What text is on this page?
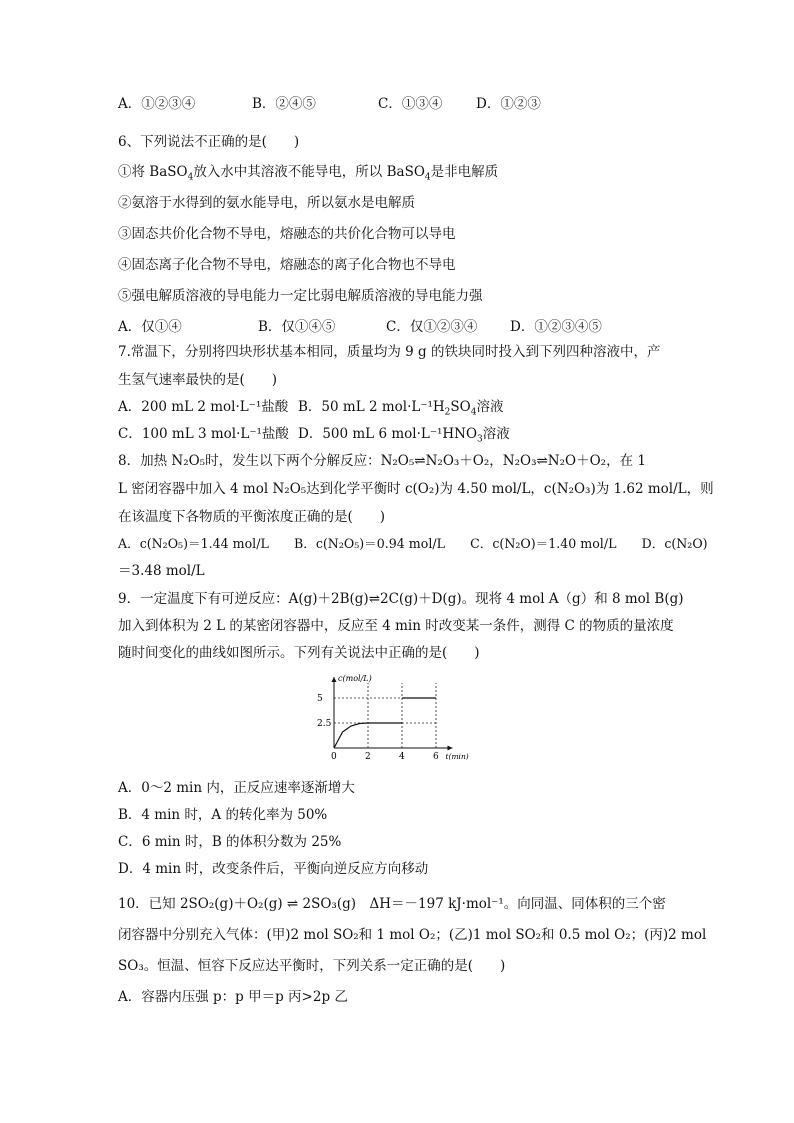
A．①②③④	B．②④⑤	C．①③④	D．①②③
6、下列说法不正确的是(　　)
①将 BaSO$_4$放入水中其溶液不能导电，所以 BaSO$_4$是非电解质
②氨溶于水得到的氨水能导电，所以氨水是电解质
③固态共价化合物不导电，熔融态的共价化合物可以导电
④固态离子化合物不导电，熔融态的离子化合物也不导电
⑤强电解质溶液的导电能力一定比弱电解质溶液的导电能力强
A．仅①④	B．仅①④⑤	C．仅①②③④	D．①②③④⑤
7.常温下，分别将四块形状基本相同，质量均为 9 g 的铁块同时投入到下列四种溶液中，产
生氢气速率最快的是(　　)
A．200 mL 2 mol·L⁻¹盐酸 B．50 mL 2 $mol\cdot L^{-1}H_2SO_4$溶液
C．100 mL 3 mol·L⁻¹盐酸 D．500 mL 6 $mol\cdot L^{-1}HNO_3$溶液
8．加热 N₂O₅时，发生以下两个分解反应：N₂O₅⇌N₂O₃＋O₂，N₂O₃⇌N₂O＋O₂，在 1
L 密闭容器中加入 4 mol N₂O₅达到化学平衡时 c(O₂)为 4.50 mol/L，c(N₂O₃)为 1.62 mol/L，则
在该温度下各物质的平衡浓度正确的是(　　)
A．c(N₂O₅)＝1.44 mol/L　　B．c(N₂O₅)＝0.94 mol/L　　C．c(N₂O)＝1.40 mol/L　　D．c(N₂O)
＝3.48 mol/L
9．一定温度下有可逆反应：A(g)＋2B(g)⇌2C(g)＋D(g)。现将 4 mol A（g）和 8 mol B(g)
加入到体积为 2 L 的某密闭容器中，反应至 4 min 时改变某一条件，测得 C 的物质的量浓度
随时间变化的曲线如图所示。下列有关说法中正确的是(　　)
c(mol/L)
t(min)
0	2	4	6
2.5
5
A．0～2 min 内，正反应速率逐渐增大
B．4 min 时，A 的转化率为 50%
C．6 min 时，B 的体积分数为 25%
D．4 min 时，改变条件后，平衡向逆反应方向移动
10．已知 2SO₂(g)＋O₂(g) ⇌ 2SO₃(g)　ΔH＝－197 kJ·mol⁻¹。向同温、同体积的三个密
闭容器中分别充入气体：(甲)2 mol SO₂和 1 mol O₂；(乙)1 mol SO₂和 0.5 mol O₂；(丙)2 mol
SO₃。恒温、恒容下反应达平衡时，下列关系一定正确的是(　　)
A．容器内压强 p：p 甲＝p 丙>2p 乙
